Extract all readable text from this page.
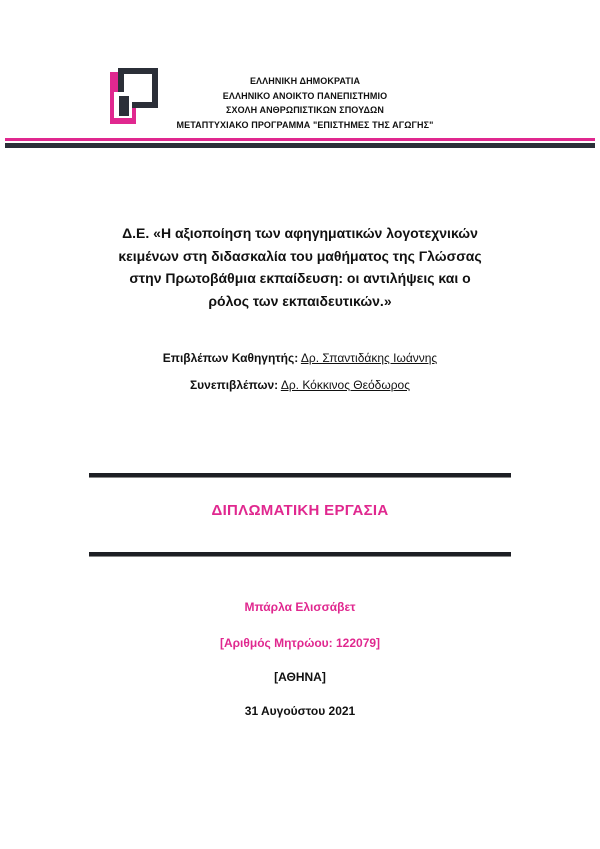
ΕΛΛΗΝΙΚΗ ΔΗΜΟΚΡΑΤΙΑ
ΕΛΛΗΝΙΚΟ ΑΝΟΙΚΤΟ ΠΑΝΕΠΙΣΤΗΜΙΟ
ΣΧΟΛΗ ΑΝΘΡΩΠΙΣΤΙΚΩΝ ΣΠΟΥΔΩΝ
ΜΕΤΑΠΤΥΧΙΑΚΟ ΠΡΟΓΡΑΜΜΑ "ΕΠΙΣΤΗΜΕΣ ΤΗΣ ΑΓΩΓΗΣ"
Δ.Ε. «Η αξιοποίηση των αφηγηματικών λογοτεχνικών
κειμένων στη διδασκαλία του μαθήματος της Γλώσσας
στην Πρωτοβάθμια εκπαίδευση: οι αντιλήψεις και ο
ρόλος των εκπαιδευτικών.»
Επιβλέπων Καθηγητής: Δρ. Σπαντιδάκης Ιωάννης
Συνεπιβλέπων: Δρ. Κόκκινος Θεόδωρος
ΔΙΠΛΩΜΑΤΙΚΗ ΕΡΓΑΣΙΑ
Μπάρλα Ελισσάβετ
[Αριθμός Μητρώου: 122079]
[ΑΘΗΝΑ]
31 Αυγούστου 2021
